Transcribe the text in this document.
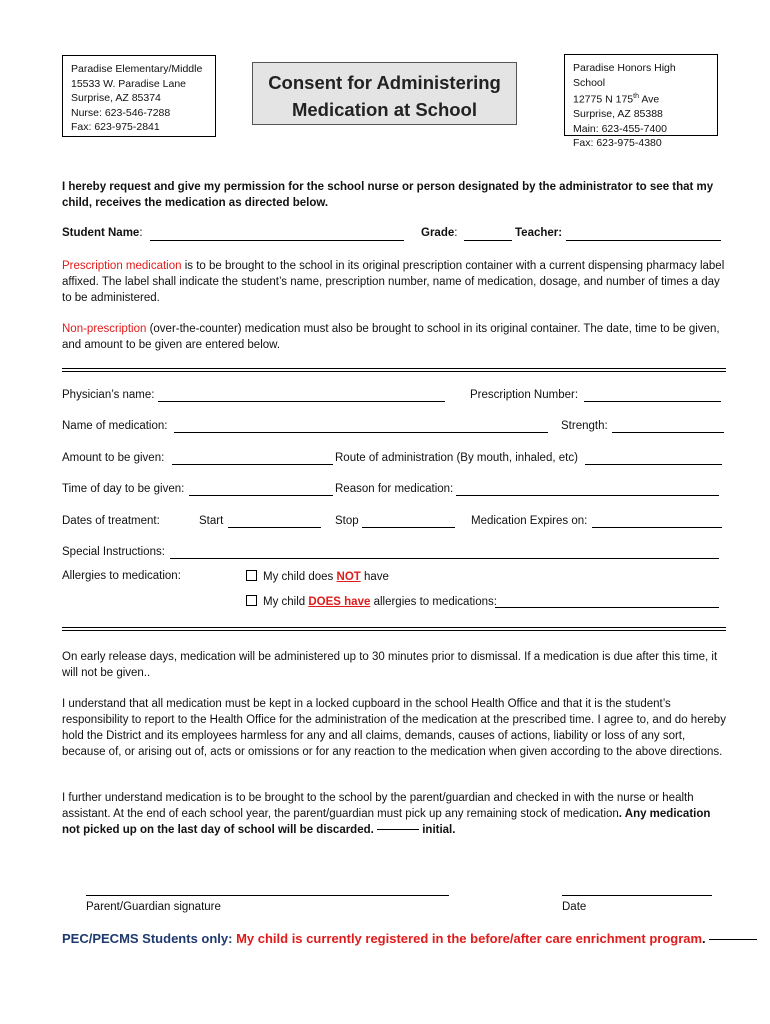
Paradise Elementary/Middle
15533 W. Paradise Lane
Surprise, AZ 85374
Nurse: 623-546-7288
Fax: 623-975-2841
Consent for Administering
Medication at School
Paradise Honors High School
12775 N 175th Ave
Surprise, AZ 85388
Main: 623-455-7400
Fax: 623-975-4380
I hereby request and give my permission for the school nurse or person designated by the administrator to see that my child, receives the medication as directed below.
Student Name:	Grade:	Teacher:
Prescription medication is to be brought to the school in its original prescription container with a current dispensing pharmacy label affixed. The label shall indicate the student’s name, prescription number, name of medication, dosage, and number of times a day to be administered.
Non-prescription (over-the-counter) medication must also be brought to school in its original container. The date, time to be given, and amount to be given are entered below.
Physician’s name:	Prescription Number:
Name of medication:	Strength:
Amount to be given:	Route of administration (By mouth, inhaled, etc)
Time of day to be given:	Reason for medication:
Dates of treatment:	Start	Stop	Medication Expires on:
Special Instructions:
Allergies to medication:	My child does NOT have
My child DOES have allergies to medications:
On early release days, medication will be administered up to 30 minutes prior to dismissal. If a medication is due after this time, it will not be given..
I understand that all medication must be kept in a locked cupboard in the school Health Office and that it is the student’s responsibility to report to the Health Office for the administration of the medication at the prescribed time. I agree to, and do hereby hold the District and its employees harmless for any and all claims, demands, causes of actions, liability or loss of any sort, because of, or arising out of, acts or omissions or for any reaction to the medication when given according to the above directions.
I further understand medication is to be brought to the school by the parent/guardian and checked in with the nurse or health assistant. At the end of each school year, the parent/guardian must pick up any remaining stock of medication. Any medication not picked up on the last day of school will be discarded.	initial.
Parent/Guardian signature	Date
PEC/PECMS Students only: My child is currently registered in the before/after care enrichment program.
